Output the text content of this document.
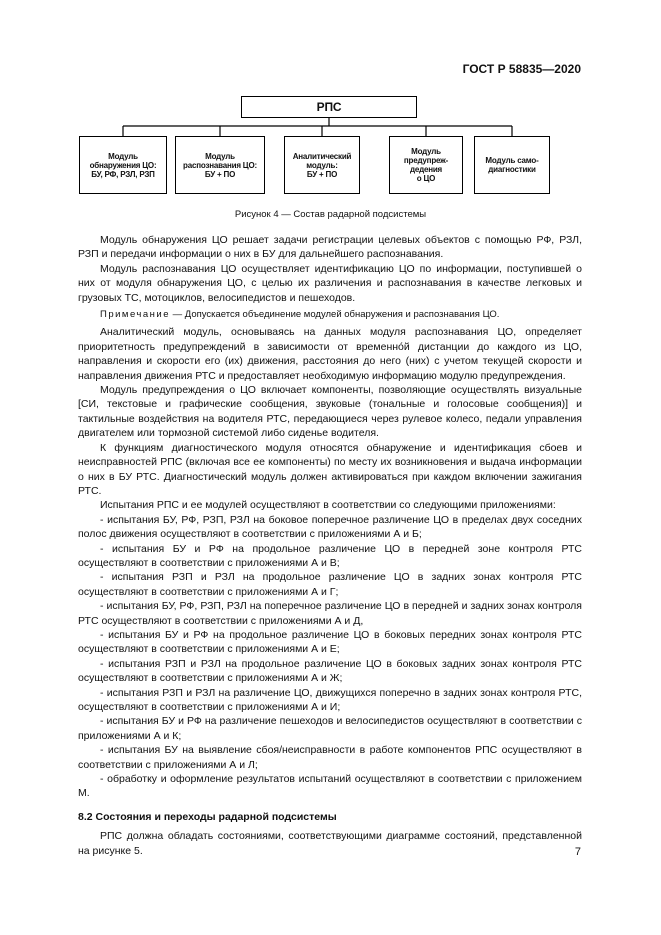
ГОСТ Р 58835—2020
РПС
Модуль
обнаружения ЦО:
БУ, РФ, РЗЛ, РЗП
Модуль
распознавания ЦО:
БУ + ПО
Аналитический
модуль:
БУ + ПО
Модуль
предупреж-
дедения
о ЦО
Модуль само-
диагностики
Рисунок 4 — Состав радарной подсистемы

Модуль обнаружения ЦО решает задачи регистрации целевых объектов с помощью РФ, РЗЛ, РЗП и передачи информации о них в БУ для дальнейшего распознавания.

Модуль распознавания ЦО осуществляет идентификацию ЦО по информации, поступившей о них от модуля обнаружения ЦО, с целью их различения и распознавания в качестве легковых и грузовых ТС, мотоциклов, велосипедистов и пешеходов.

Примечание — Допускается объединение модулей обнаружения и распознавания ЦО.

Аналитический модуль, основываясь на данных модуля распознавания ЦО, определяет приоритетность предупреждений в зависимости от временно́й дистанции до каждого из ЦО, направления и скорости его (их) движения, расстояния до него (них) с учетом текущей скорости и направления движения РТС и предоставляет необходимую информацию модулю предупреждения.

Модуль предупреждения о ЦО включает компоненты, позволяющие осуществлять визуальные [СИ, текстовые и графические сообщения, звуковые (тональные и голосовые сообщения)] и тактильные воздействия на водителя РТС, передающиеся через рулевое колесо, педали управления двигателем или тормозной системой либо сиденье водителя.

К функциям диагностического модуля относятся обнаружение и идентификация сбоев и неисправностей РПС (включая все ее компоненты) по месту их возникновения и выдача информации о них в БУ РТС. Диагностический модуль должен активироваться при каждом включении зажигания РТС.

Испытания РПС и ее модулей осуществляют в соответствии со следующими приложениями:

- испытания БУ, РФ, РЗП, РЗЛ на боковое поперечное различение ЦО в пределах двух соседних полос движения осуществляют в соответствии с приложениями А и Б;

- испытания БУ и РФ на продольное различение ЦО в передней зоне контроля РТС осуществляют в соответствии с приложениями А и В;

- испытания РЗП и РЗЛ на продольное различение ЦО в задних зонах контроля РТС осуществляют в соответствии с приложениями А и Г;

- испытания БУ, РФ, РЗП, РЗЛ на поперечное различение ЦО в передней и задних зонах контроля РТС осуществляют в соответствии с приложениями А и Д,

- испытания БУ и РФ на продольное различение ЦО в боковых передних зонах контроля РТС осуществляют в соответствии с приложениями А и Е;

- испытания РЗП и РЗЛ на продольное различение ЦО в боковых задних зонах контроля РТС осуществляют в соответствии с приложениями А и Ж;

- испытания РЗП и РЗЛ на различение ЦО, движущихся поперечно в задних зонах контроля РТС, осуществляют в соответствии с приложениями А и И;

- испытания БУ и РФ на различение пешеходов и велосипедистов осуществляют в соответствии с приложениями А и К;

- испытания БУ на выявление сбоя/неисправности в работе компонентов РПС осуществляют в соответствии с приложениями А и Л;

- обработку и оформление результатов испытаний осуществляют в соответствии с приложением М.

8.2 Состояния и переходы радарной подсистемы

РПС должна обладать состояниями, соответствующими диаграмме состояний, представленной на рисунке 5.	7
